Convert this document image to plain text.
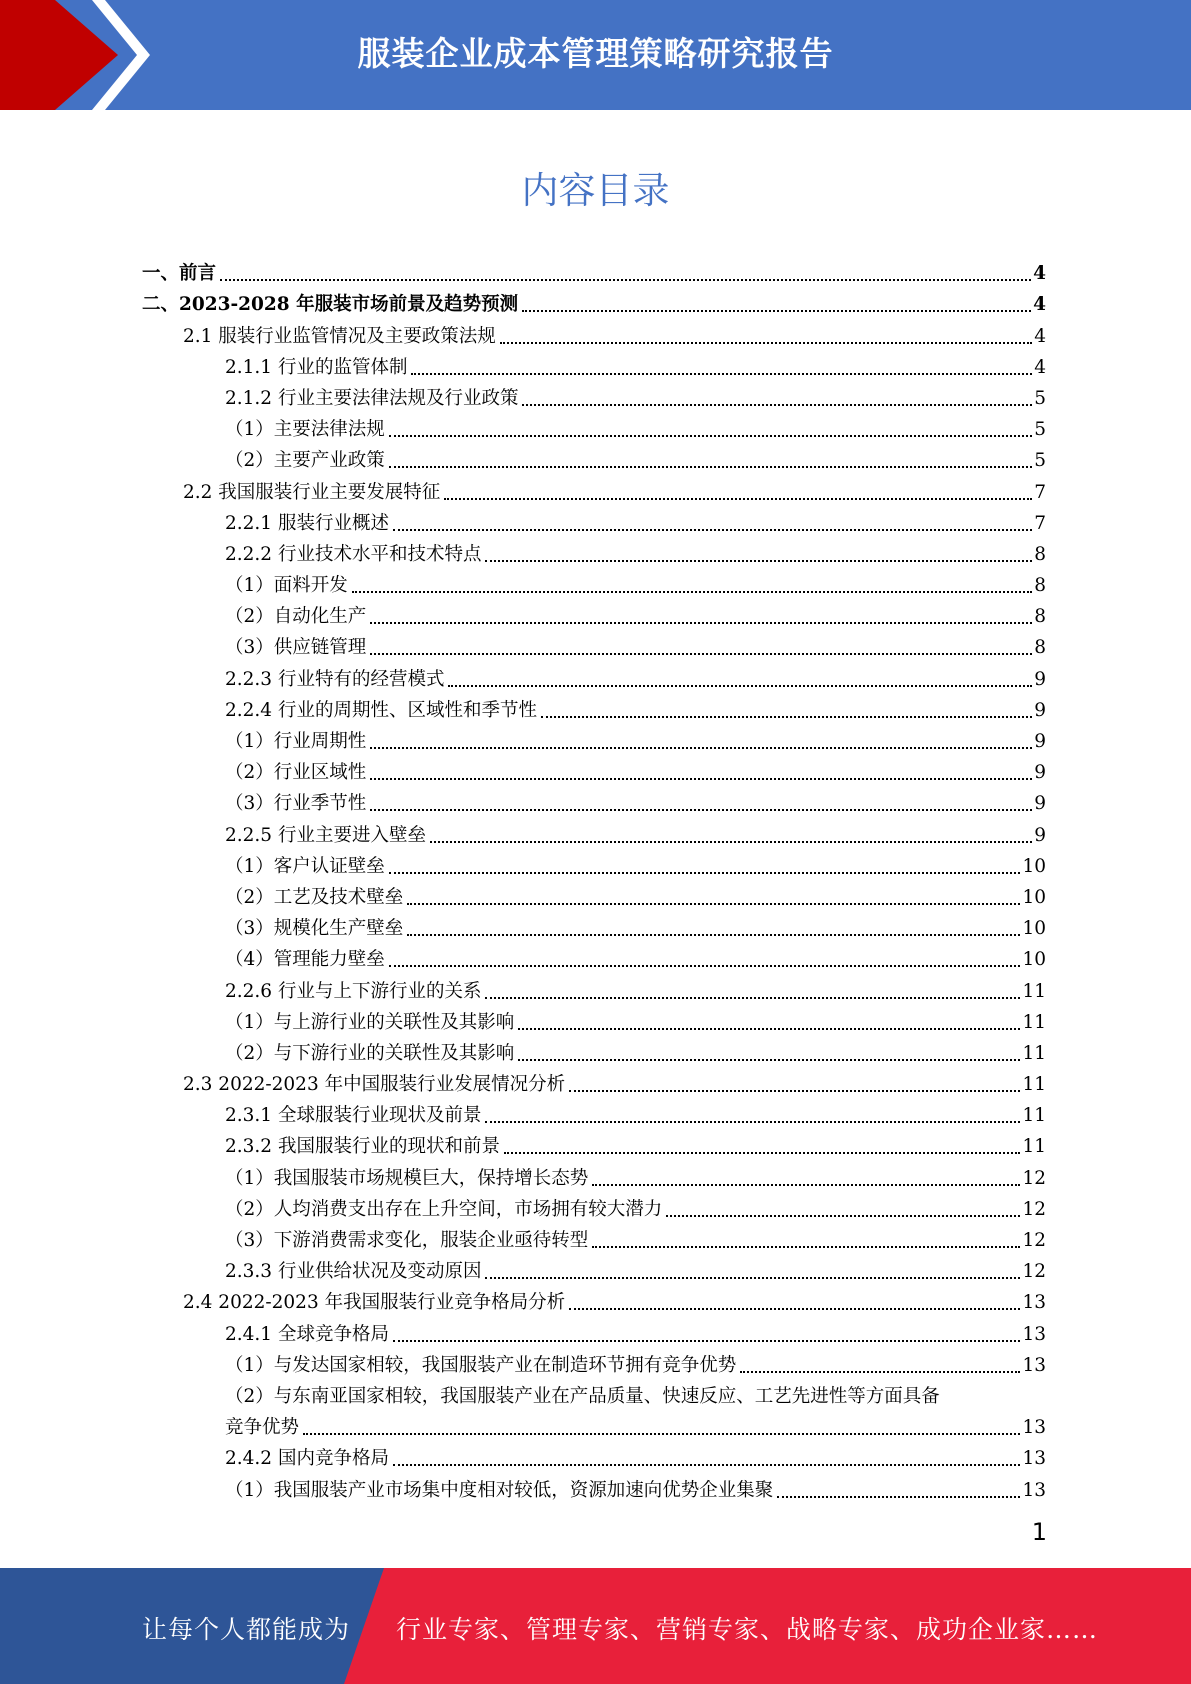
服装企业成本管理策略研究报告
内容目录
一、前言	4
二、2023-2028 年服装市场前景及趋势预测	4
2.1 服装行业监管情况及主要政策法规	4
2.1.1 行业的监管体制	4
2.1.2 行业主要法律法规及行业政策	5
（1）主要法律法规	5
（2）主要产业政策	5
2.2 我国服装行业主要发展特征	7
2.2.1 服装行业概述	7
2.2.2 行业技术水平和技术特点	8
（1）面料开发	8
（2）自动化生产	8
（3）供应链管理	8
2.2.3 行业特有的经营模式	9
2.2.4 行业的周期性、区域性和季节性	9
（1）行业周期性	9
（2）行业区域性	9
（3）行业季节性	9
2.2.5 行业主要进入壁垒	9
（1）客户认证壁垒	10
（2）工艺及技术壁垒	10
（3）规模化生产壁垒	10
（4）管理能力壁垒	10
2.2.6 行业与上下游行业的关系	11
（1）与上游行业的关联性及其影响	11
（2）与下游行业的关联性及其影响	11
2.3 2022-2023 年中国服装行业发展情况分析	11
2.3.1 全球服装行业现状及前景	11
2.3.2 我国服装行业的现状和前景	11
（1）我国服装市场规模巨大，保持增长态势	12
（2）人均消费支出存在上升空间，市场拥有较大潜力	12
（3）下游消费需求变化，服装企业亟待转型	12
2.3.3 行业供给状况及变动原因	12
2.4 2022-2023 年我国服装行业竞争格局分析	13
2.4.1 全球竞争格局	13
（1）与发达国家相较，我国服装产业在制造环节拥有竞争优势	13
（2）与东南亚国家相较，我国服装产业在产品质量、快速反应、工艺先进性等方面具备
竞争优势	13
2.4.2 国内竞争格局	13
（1）我国服装产业市场集中度相对较低，资源加速向优势企业集聚	13
1
让每个人都能成为 行业专家、管理专家、营销专家、战略专家、成功企业家……
